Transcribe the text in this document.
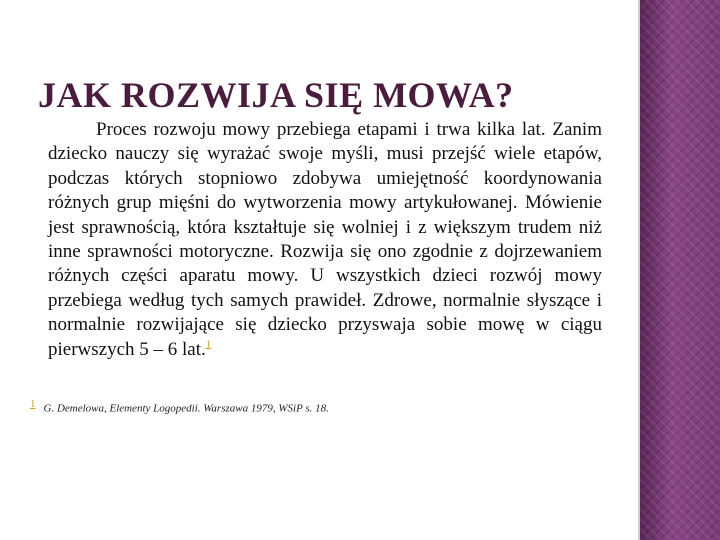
JAK ROZWIJA SIĘ MOWA?

Proces rozwoju mowy przebiega etapami i trwa kilka lat. Zanim dziecko nauczy się wyrażać swoje myśli, musi przejść wiele etapów, podczas których stopniowo zdobywa umiejętność koordynowania różnych grup mięśni do wytworzenia mowy artykułowanej. Mówienie jest sprawnością, która kształtuje się wolniej i z większym trudem niż inne sprawności motoryczne. Rozwija się ono zgodnie z dojrzewaniem różnych części aparatu mowy. U wszystkich dzieci rozwój mowy przebiega według tych samych prawideł. Zdrowe, normalnie słyszące i normalnie rozwijające się dziecko przyswaja sobie mowę w ciągu pierwszych 5 – 6 lat.$^1$

1 G. Demelowa, Elementy Logopedii. Warszawa 1979, WSiP s. 18.
